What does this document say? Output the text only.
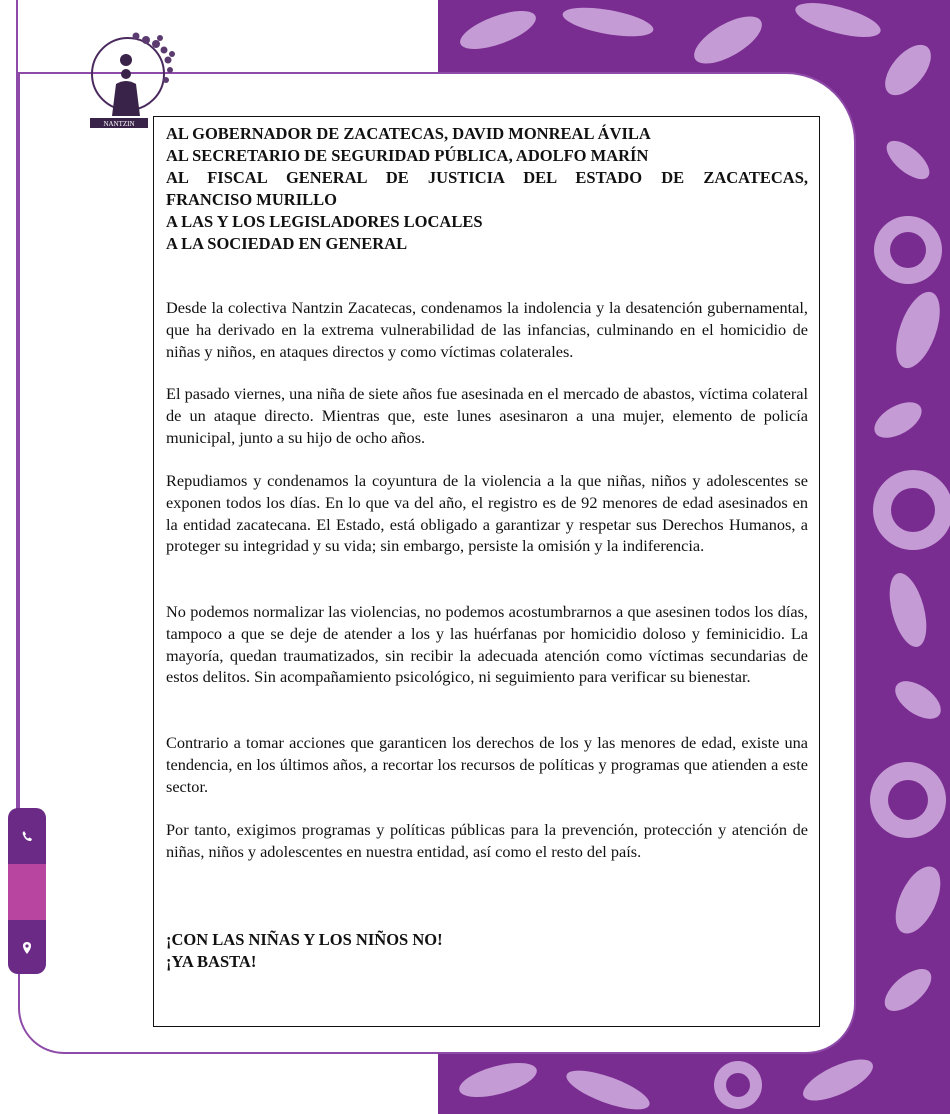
NANTZIN AL GOBERNADOR DE ZACATECAS, DAVID MONREAL ÁVILA
AL SECRETARIO DE SEGURIDAD PÚBLICA, ADOLFO MARÍN
AL FISCAL GENERAL DE JUSTICIA DEL ESTADO DE ZACATECAS,
FRANCISO MURILLO
A LAS Y LOS LEGISLADORES LOCALES
A LA SOCIEDAD EN GENERAL
Desde la colectiva Nantzin Zacatecas, condenamos la indolencia y la desatención gubernamental, que ha derivado en la extrema vulnerabilidad de las infancias, culminando en el homicidio de niñas y niños, en ataques directos y como víctimas colaterales.
El pasado viernes, una niña de siete años fue asesinada en el mercado de abastos, víctima colateral de un ataque directo. Mientras que, este lunes asesinaron a una mujer, elemento de policía municipal, junto a su hijo de ocho años.
Repudiamos y condenamos la coyuntura de la violencia a la que niñas, niños y adolescentes se exponen todos los días. En lo que va del año, el registro es de 92 menores de edad asesinados en la entidad zacatecana. El Estado, está obligado a garantizar y respetar sus Derechos Humanos, a proteger su integridad y su vida; sin embargo, persiste la omisión y la indiferencia.
No podemos normalizar las violencias, no podemos acostumbrarnos a que asesinen todos los días, tampoco a que se deje de atender a los y las huérfanas por homicidio doloso y feminicidio. La mayoría, quedan traumatizados, sin recibir la adecuada atención como víctimas secundarias de estos delitos. Sin acompañamiento psicológico, ni seguimiento para verificar su bienestar.
Contrario a tomar acciones que garanticen los derechos de los y las menores de edad, existe una tendencia, en los últimos años, a recortar los recursos de políticas y programas que atienden a este sector.
Por tanto, exigimos programas y políticas públicas para la prevención, protección y atención de niñas, niños y adolescentes en nuestra entidad, así como el resto del país.
¡CON LAS NIÑAS Y LOS NIÑOS NO!
¡YA BASTA!
